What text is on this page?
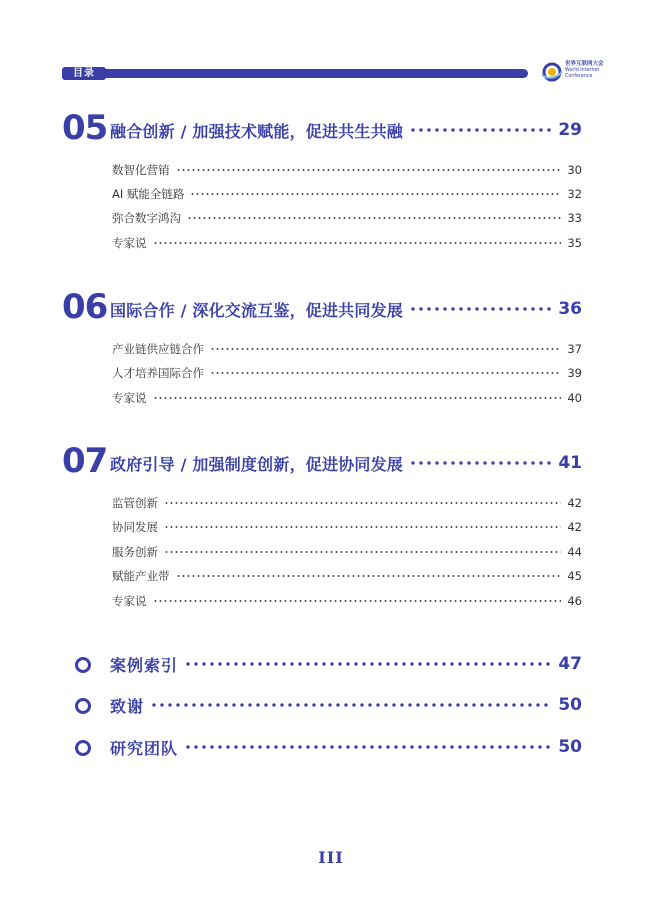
目录
世界互联网大会
World Internet
Conference
05 融合创新 / 加强技术赋能，促进共生共融	29
数智化营销	30
AI 赋能全链路	32
弥合数字鸿沟	33
专家说	35
06 国际合作 / 深化交流互鉴，促进共同发展	36
产业链供应链合作	37
人才培养国际合作	39
专家说	40
07 政府引导 / 加强制度创新，促进协同发展	41
监管创新	42
协同发展	42
服务创新	44
赋能产业带	45
专家说	46
案例索引	47
致谢	50
研究团队	50
III
